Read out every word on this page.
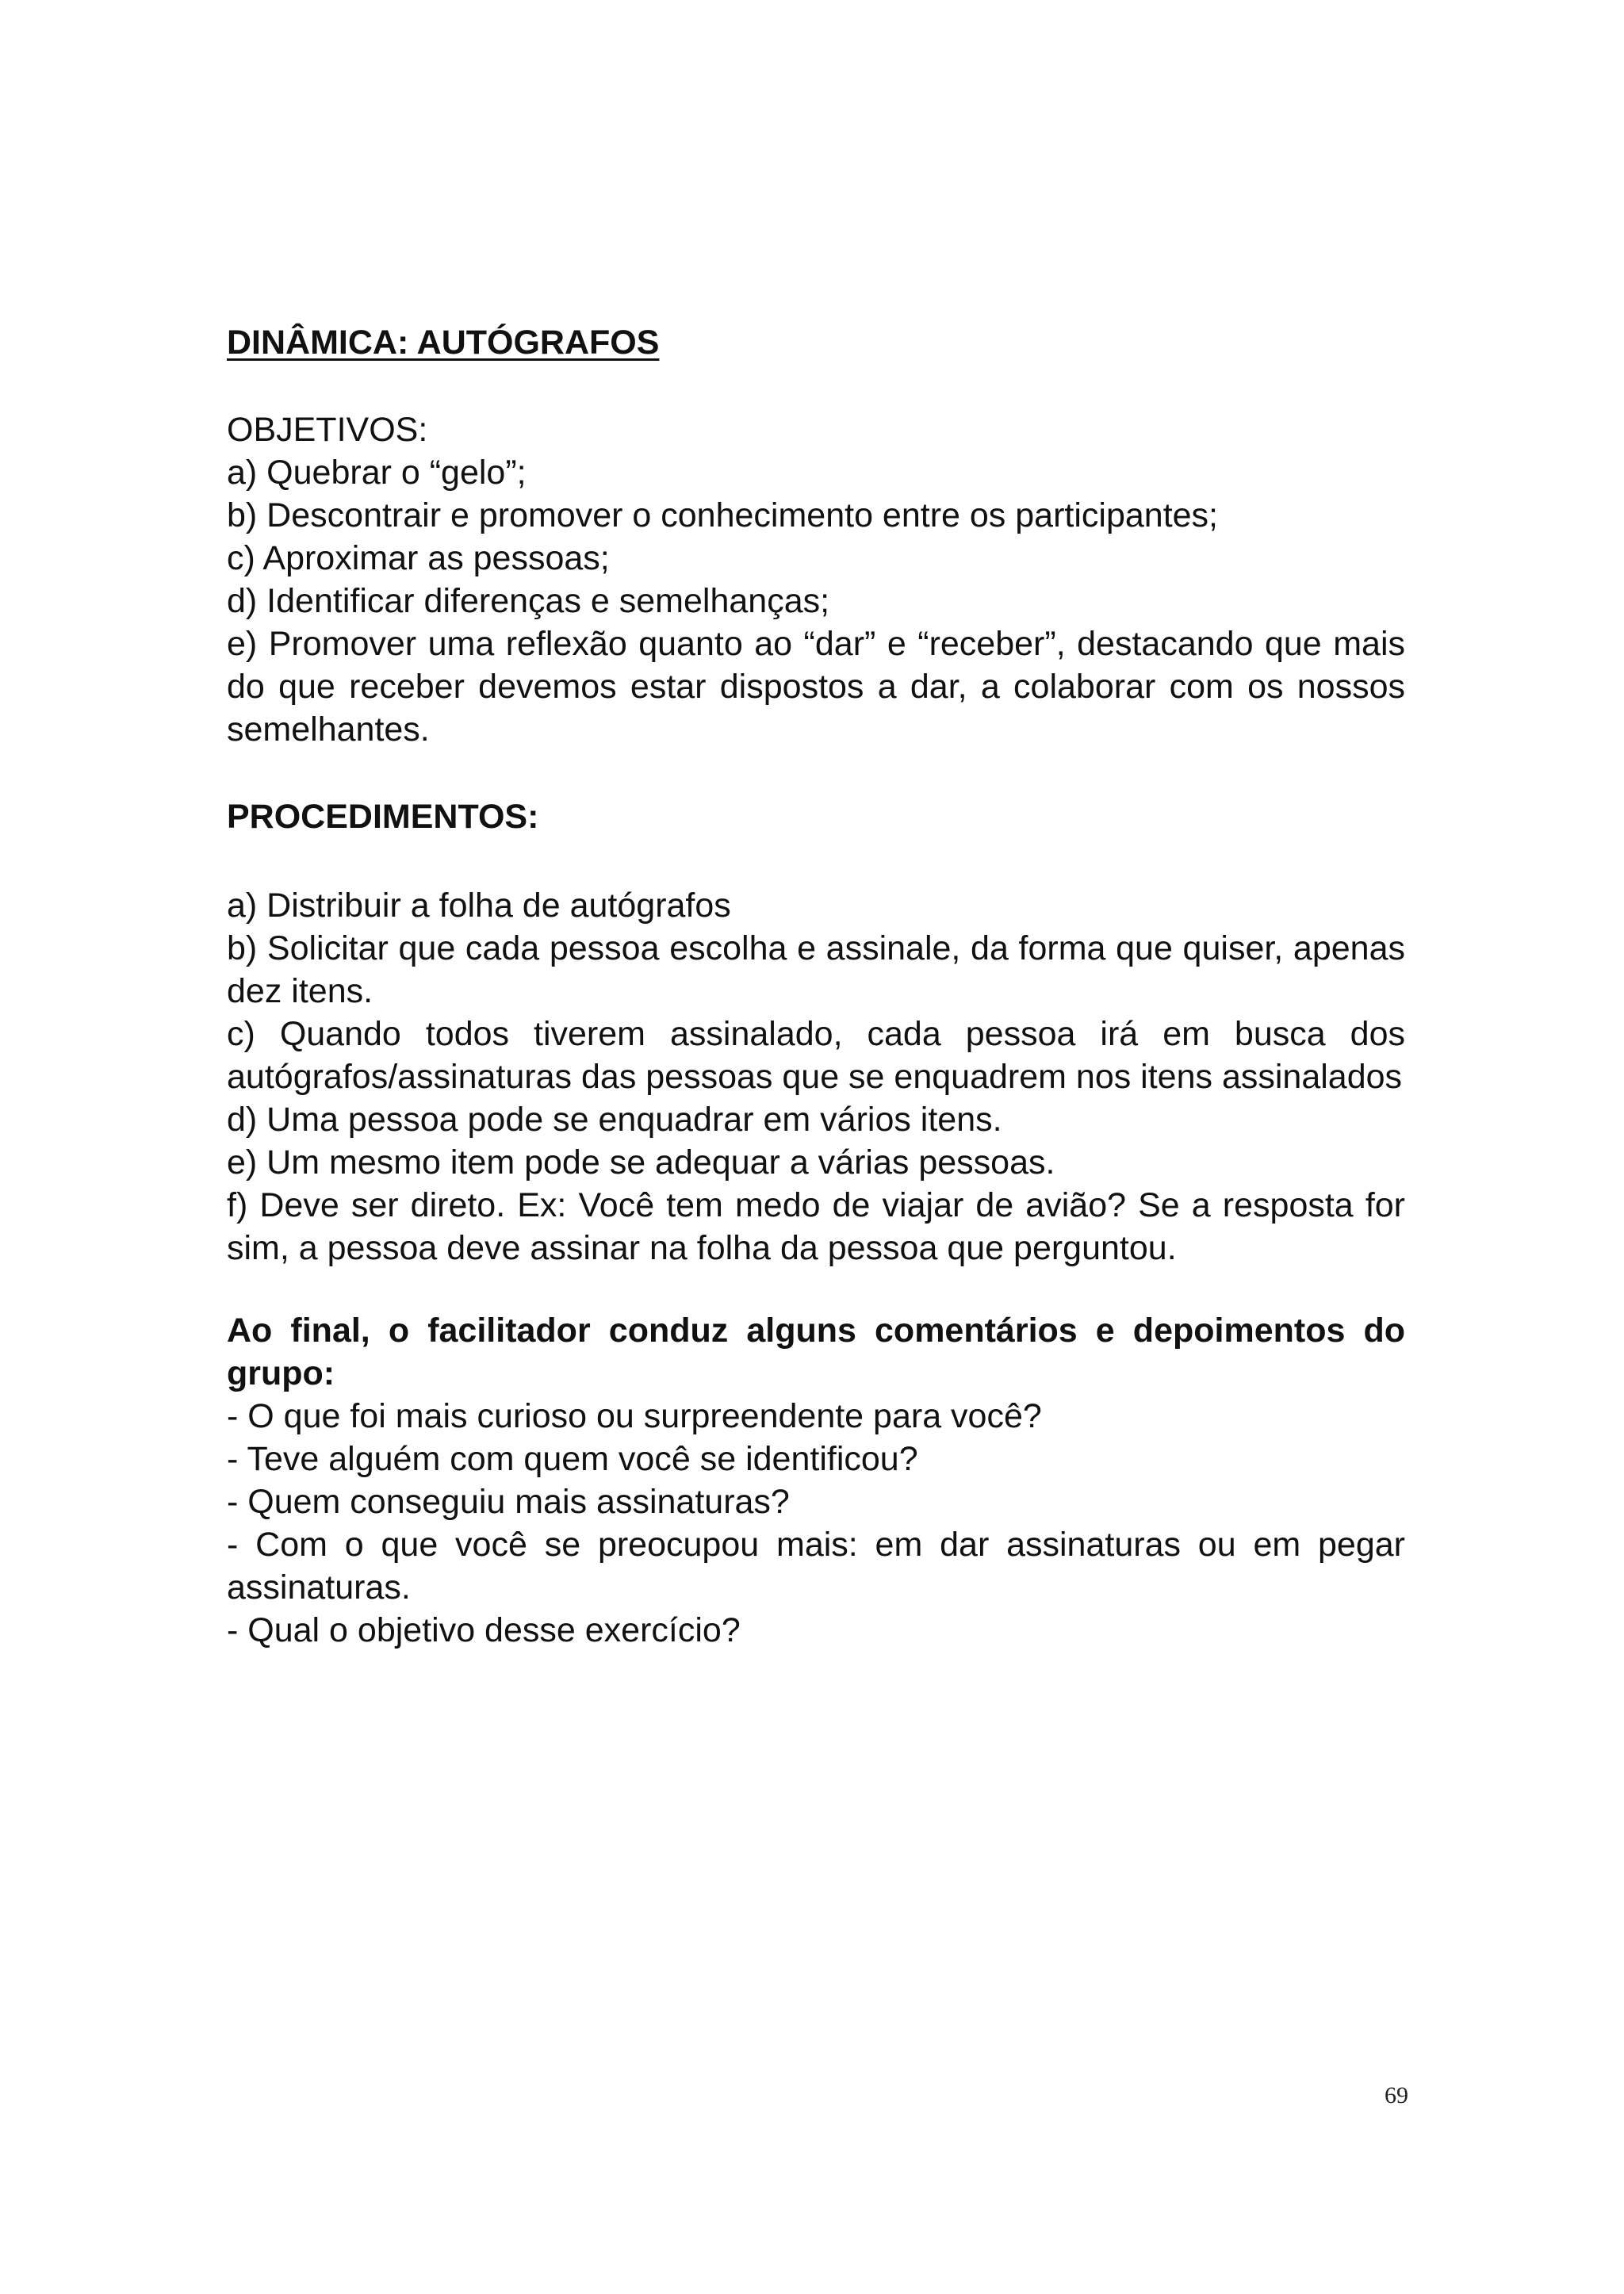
DINÂMICA: AUTÓGRAFOS

OBJETIVOS:

a) Quebrar o “gelo”;

b) Descontrair e promover o conhecimento entre os participantes;

c) Aproximar as pessoas;

d) Identificar diferenças e semelhanças;

e) Promover uma reflexão quanto ao “dar” e “receber”, destacando que mais do que receber devemos estar dispostos a dar, a colaborar com os nossos semelhantes.

PROCEDIMENTOS:

a) Distribuir a folha de autógrafos

b) Solicitar que cada pessoa escolha e assinale, da forma que quiser, apenas dez itens.

c) Quando todos tiverem assinalado, cada pessoa irá em busca dos autógrafos/assinaturas das pessoas que se enquadrem nos itens assinalados

d) Uma pessoa pode se enquadrar em vários itens.

e) Um mesmo item pode se adequar a várias pessoas.

f) Deve ser direto. Ex: Você tem medo de viajar de avião? Se a resposta for sim, a pessoa deve assinar na folha da pessoa que perguntou.

Ao final, o facilitador conduz alguns comentários e depoimentos do grupo:

- O que foi mais curioso ou surpreendente para você?

- Teve alguém com quem você se identificou?

- Quem conseguiu mais assinaturas?

- Com o que você se preocupou mais: em dar assinaturas ou em pegar assinaturas.

- Qual o objetivo desse exercício?

69
